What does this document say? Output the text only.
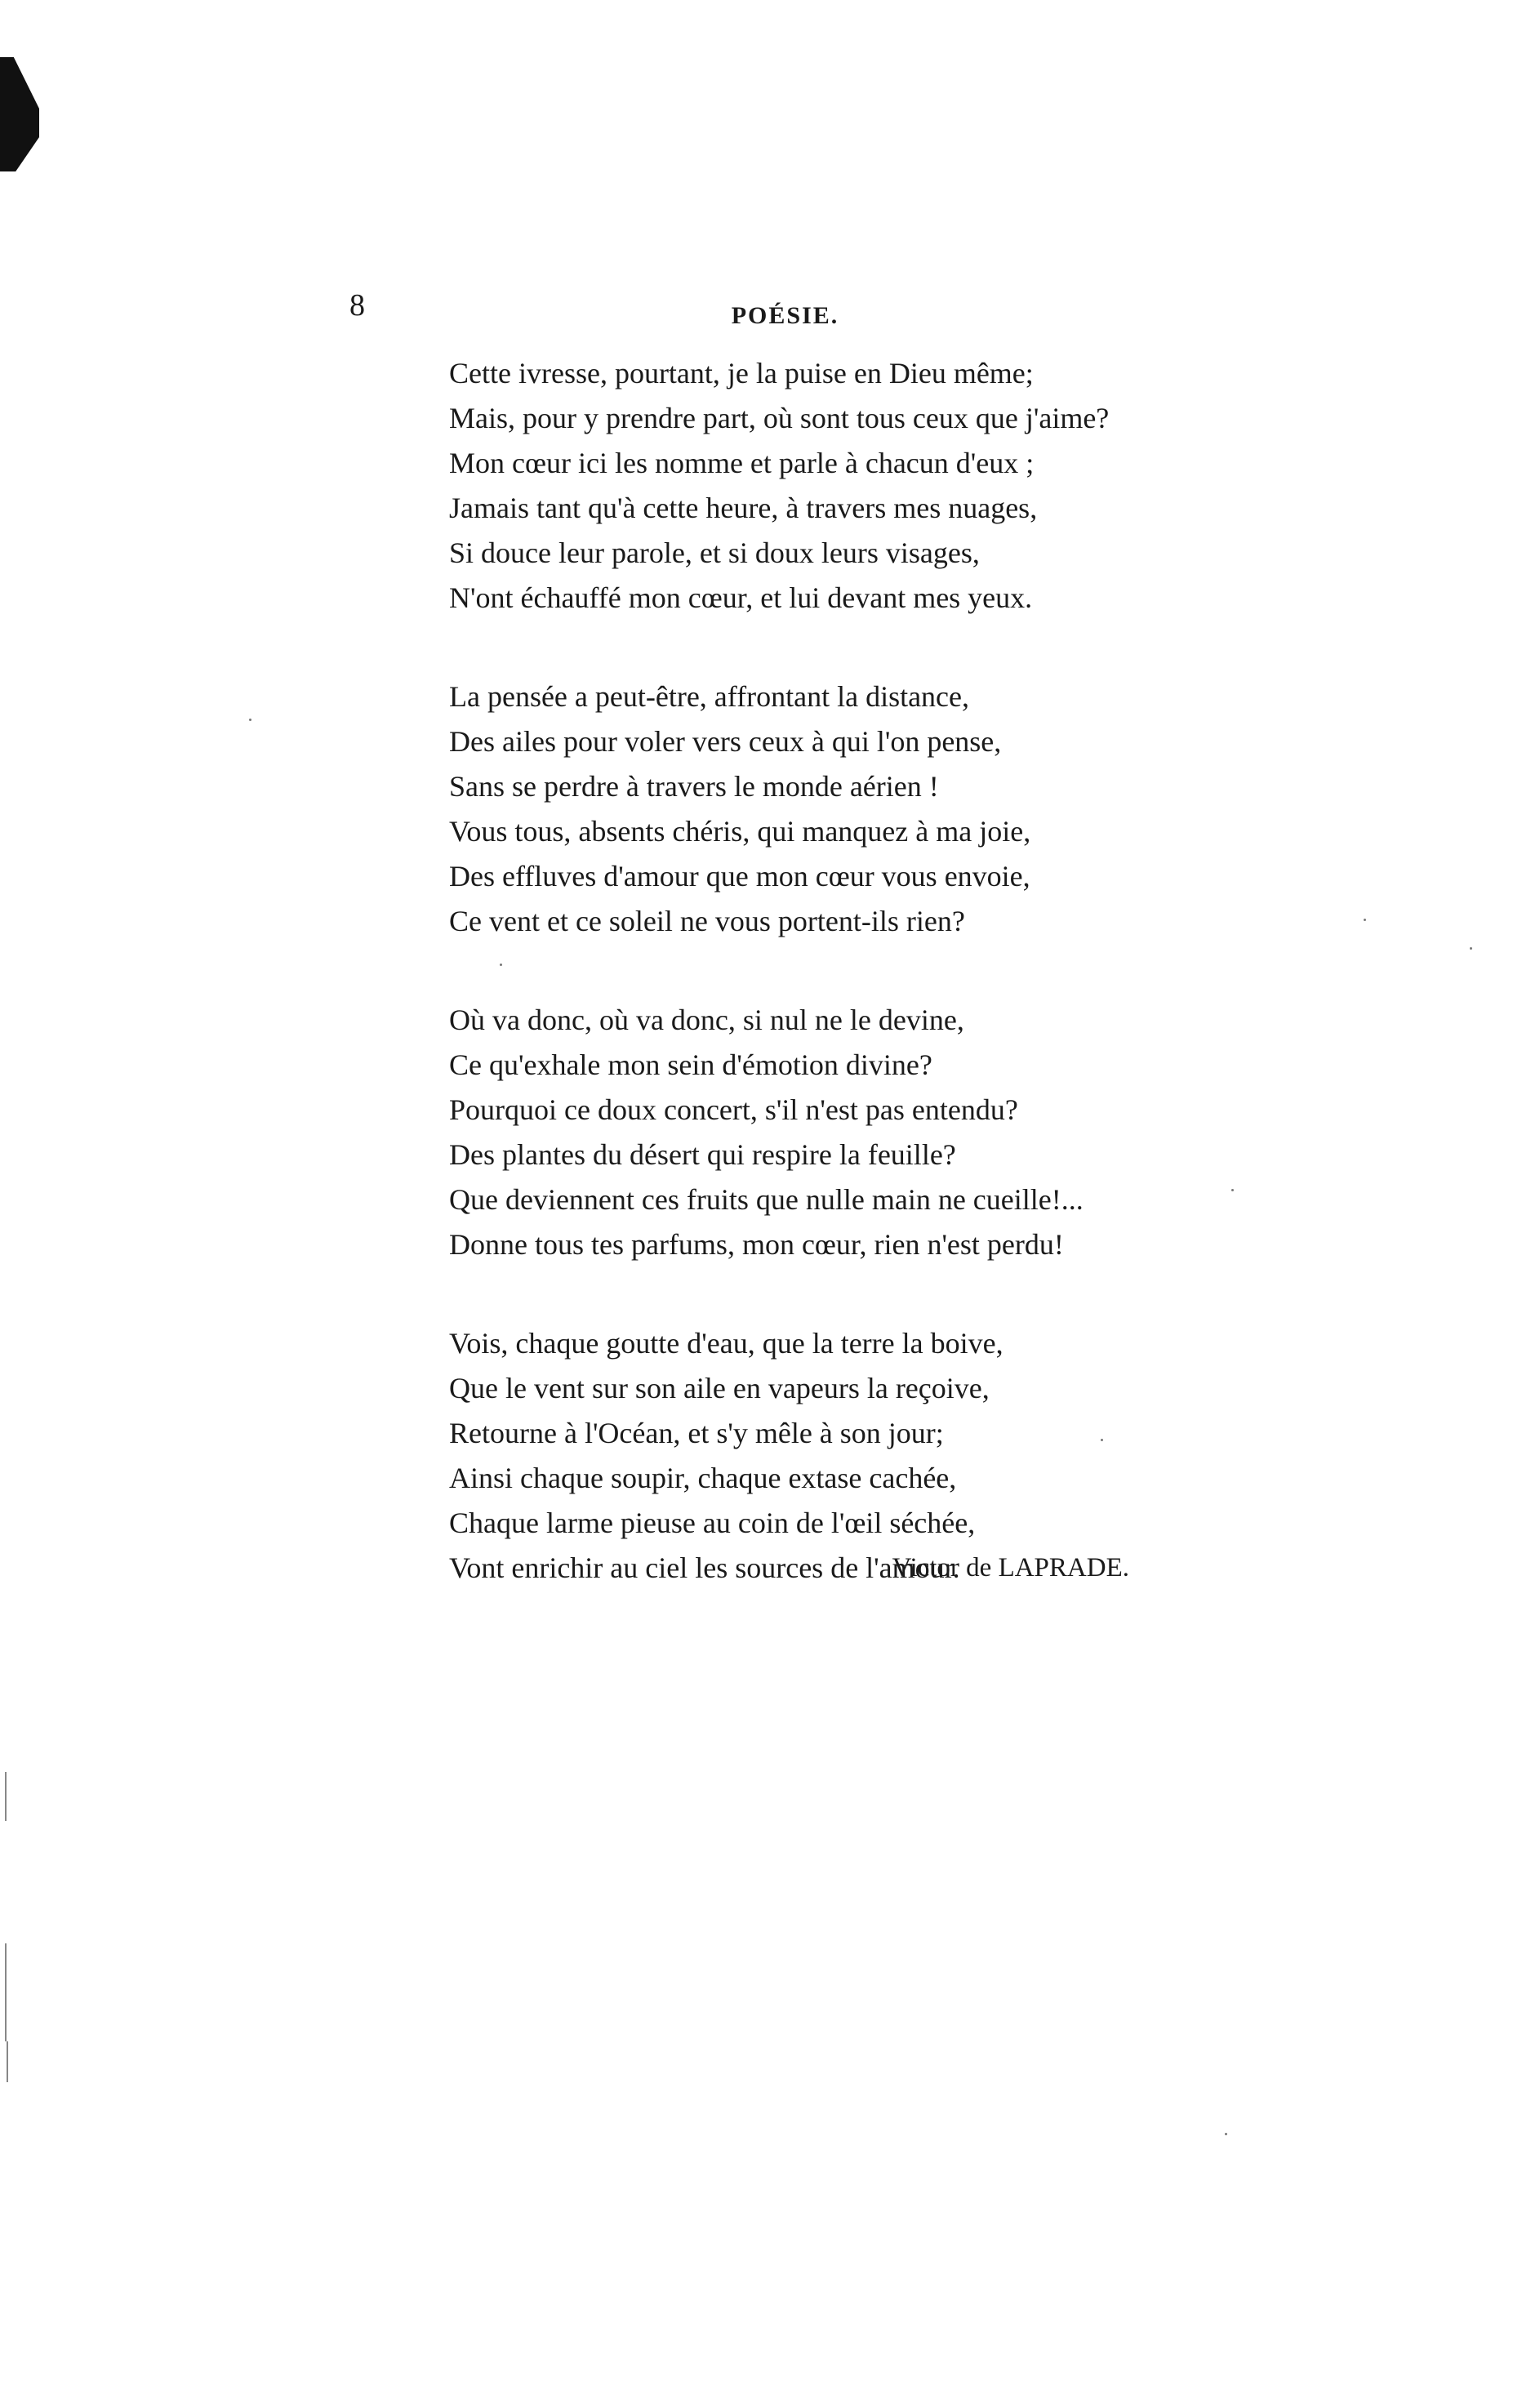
8	POÉSIE.

Cette ivresse, pourtant, je la puise en Dieu même;
Mais, pour y prendre part, où sont tous ceux que j'aime?
Mon cœur ici les nomme et parle à chacun d'eux ;
Jamais tant qu'à cette heure, à travers mes nuages,
Si douce leur parole, et si doux leurs visages,
N'ont échauffé mon cœur, et lui devant mes yeux.

La pensée a peut-être, affrontant la distance,
Des ailes pour voler vers ceux à qui l'on pense,
Sans se perdre à travers le monde aérien !
Vous tous, absents chéris, qui manquez à ma joie,
Des effluves d'amour que mon cœur vous envoie,
Ce vent et ce soleil ne vous portent-ils rien?

Où va donc, où va donc, si nul ne le devine,
Ce qu'exhale mon sein d'émotion divine?
Pourquoi ce doux concert, s'il n'est pas entendu?
Des plantes du désert qui respire la feuille?
Que deviennent ces fruits que nulle main ne cueille!...
Donne tous tes parfums, mon cœur, rien n'est perdu!

Vois, chaque goutte d'eau, que la terre la boive,
Que le vent sur son aile en vapeurs la reçoive,
Retourne à l'Océan, et s'y mêle à son jour;
Ainsi chaque soupir, chaque extase cachée,
Chaque larme pieuse au coin de l'œil séchée,
Vont enrichir au ciel les sources de l'amour.

Victor de LAPRADE.
